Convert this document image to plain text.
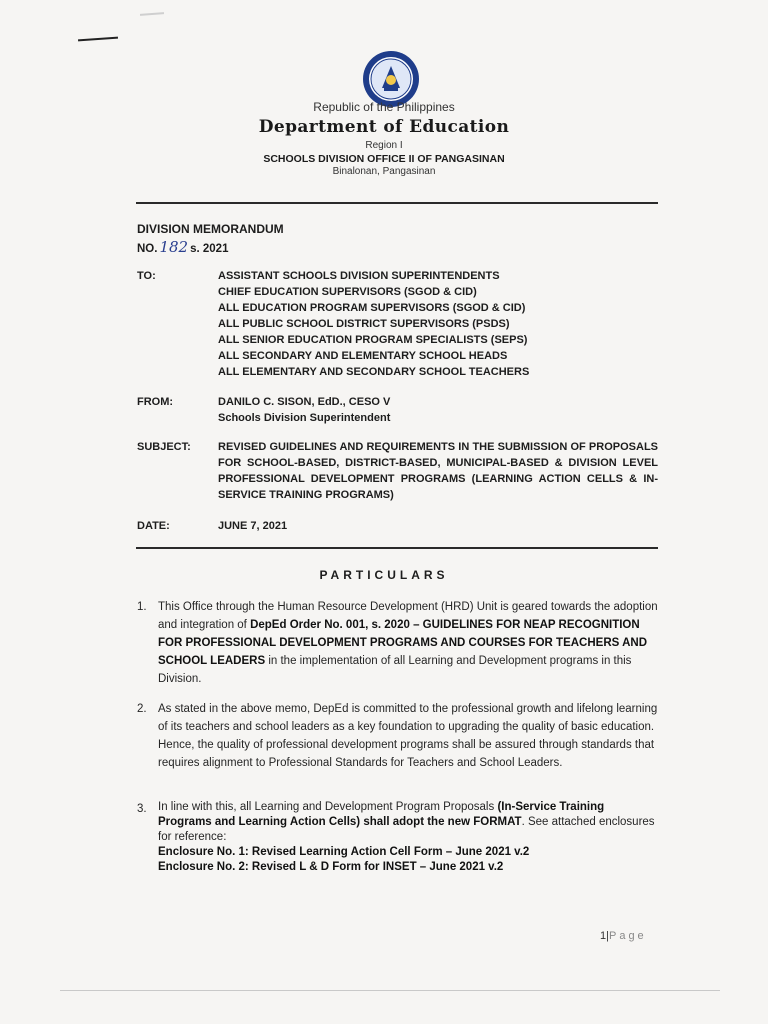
Republic of the Philippines
Department of Education
Region I
SCHOOLS DIVISION OFFICE II OF PANGASINAN
Binalonan, Pangasinan
DIVISION MEMORANDUM
NO. 182 s. 2021
TO:	ASSISTANT SCHOOLS DIVISION SUPERINTENDENTS
CHIEF EDUCATION SUPERVISORS (SGOD & CID)
ALL EDUCATION PROGRAM SUPERVISORS (SGOD & CID)
ALL PUBLIC SCHOOL DISTRICT SUPERVISORS (PSDS)
ALL SENIOR EDUCATION PROGRAM SPECIALISTS (SEPS)
ALL SECONDARY AND ELEMENTARY SCHOOL HEADS
ALL ELEMENTARY AND SECONDARY SCHOOL TEACHERS
FROM:	DANILO C. SISON, EdD., CESO V
Schools Division Superintendent
SUBJECT: REVISED GUIDELINES AND REQUIREMENTS IN THE SUBMISSION OF PROPOSALS FOR SCHOOL-BASED, DISTRICT-BASED, MUNICIPAL-BASED & DIVISION LEVEL PROFESSIONAL DEVELOPMENT PROGRAMS (LEARNING ACTION CELLS & IN-SERVICE TRAINING PROGRAMS)
DATE:	JUNE 7, 2021
PARTICULARS
1. This Office through the Human Resource Development (HRD) Unit is geared towards the adoption and integration of DepEd Order No. 001, s. 2020 – GUIDELINES FOR NEAP RECOGNITION FOR PROFESSIONAL DEVELOPMENT PROGRAMS AND COURSES FOR TEACHERS AND SCHOOL LEADERS in the implementation of all Learning and Development programs in this Division.
2. As stated in the above memo, DepEd is committed to the professional growth and lifelong learning of its teachers and school leaders as a key foundation to upgrading the quality of basic education. Hence, the quality of professional development programs shall be assured through standards that requires alignment to Professional Standards for Teachers and School Leaders.
3. In line with this, all Learning and Development Program Proposals (In-Service Training Programs and Learning Action Cells) shall adopt the new FORMAT. See attached enclosures for reference:
Enclosure No. 1: Revised Learning Action Cell Form – June 2021 v.2
Enclosure No. 2: Revised L & D Form for INSET – June 2021 v.2
1|Page
